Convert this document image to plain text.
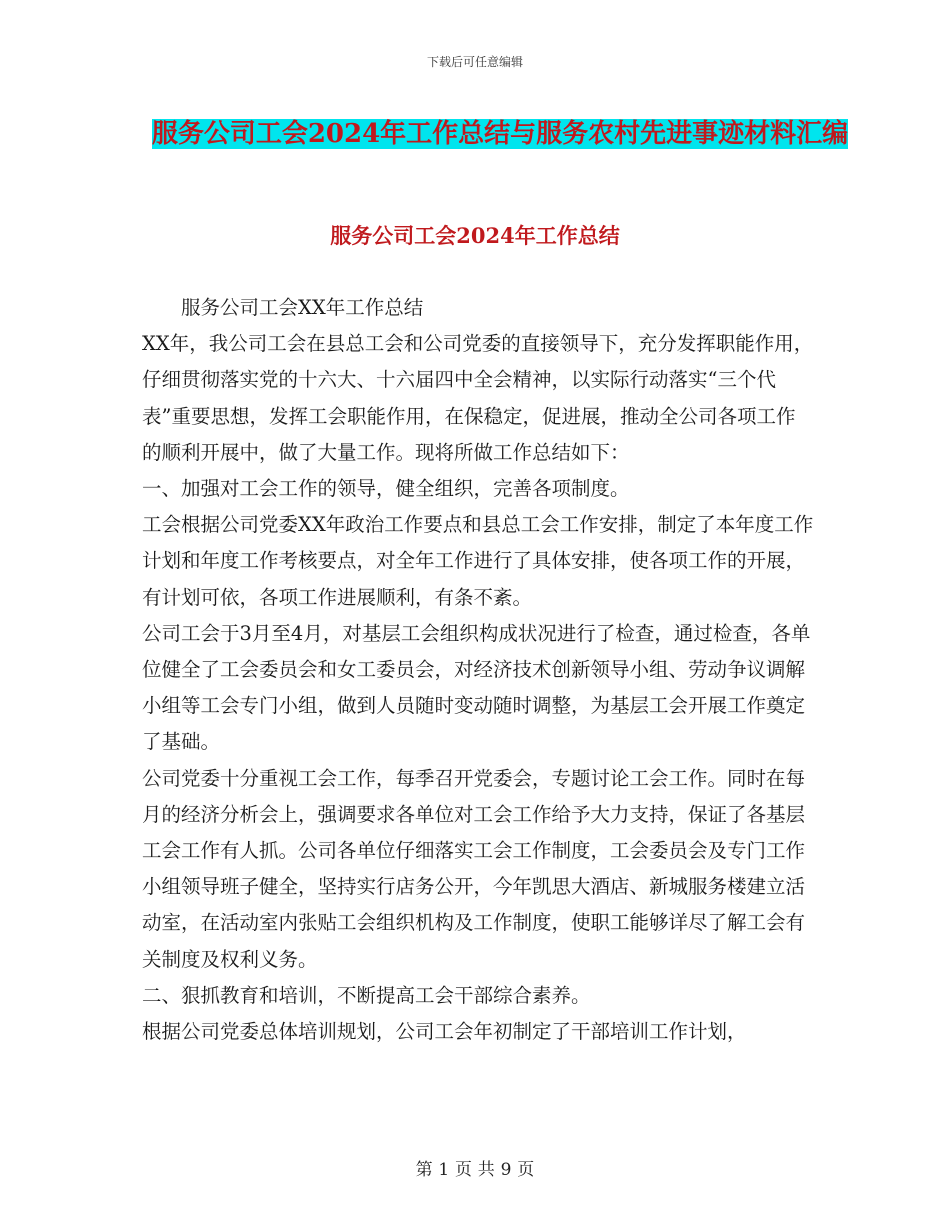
下载后可任意编辑
服务公司工会2024年工作总结与服务农村先进事迹材料汇编
服务公司工会2024年工作总结

服务公司工会XX年工作总结

XX年，我公司工会在县总工会和公司党委的直接领导下，充分发挥职能作用，仔细贯彻落实党的十六大、十六届四中全会精神，以实际行动落实“三个代表”重要思想，发挥工会职能作用，在保稳定，促进展，推动全公司各项工作的顺利开展中，做了大量工作。现将所做工作总结如下：

一、加强对工会工作的领导，健全组织，完善各项制度。

工会根据公司党委XX年政治工作要点和县总工会工作安排，制定了本年度工作计划和年度工作考核要点，对全年工作进行了具体安排，使各项工作的开展，有计划可依，各项工作进展顺利，有条不紊。

公司工会于3月至4月，对基层工会组织构成状况进行了检查，通过检查，各单位健全了工会委员会和女工委员会，对经济技术创新领导小组、劳动争议调解小组等工会专门小组，做到人员随时变动随时调整，为基层工会开展工作奠定了基础。

公司党委十分重视工会工作，每季召开党委会，专题讨论工会工作。同时在每月的经济分析会上，强调要求各单位对工会工作给予大力支持，保证了各基层工会工作有人抓。公司各单位仔细落实工会工作制度，工会委员会及专门工作小组领导班子健全，坚持实行店务公开，今年凯思大酒店、新城服务楼建立活动室，在活动室内张贴工会组织机构及工作制度，使职工能够详尽了解工会有关制度及权利义务。

二、狠抓教育和培训，不断提高工会干部综合素养。

根据公司党委总体培训规划，公司工会年初制定了干部培训工作计划，

第 1 页 共 9 页
